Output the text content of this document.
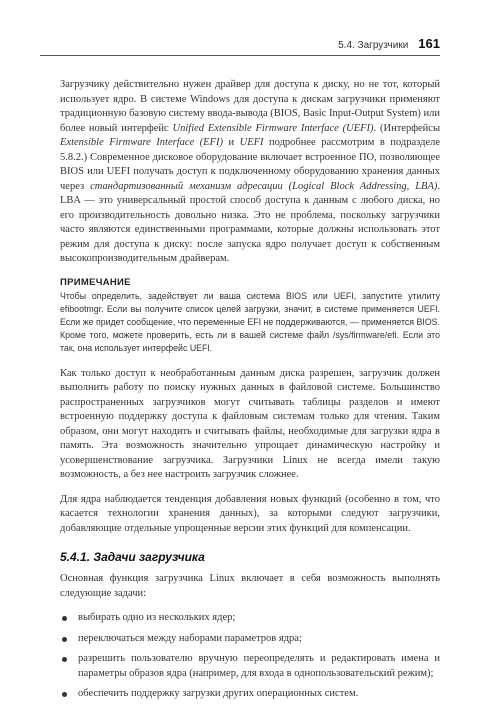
5.4. Загрузчики 161

Загрузчику действительно нужен драйвер для доступа к диску, но не тот, который использует ядро. В системе Windows для доступа к дискам загрузчики применяют традиционную базовую систему ввода-вывода (BIOS, Basic Input-Output System) или более новый интерфейс Unified Extensible Firmware Interface (UEFI). (Интерфейсы Extensible Firmware Interface (EFI) и UEFI подробнее рассмотрим в подразделе 5.8.2.) Современное дисковое оборудование включает встроенное ПО, позволяющее BIOS или UEFI получать доступ к подключенному оборудованию хранения данных через стандартизованный механизм адресации (Logical Block Addressing, LBA). LBA — это универсальный простой способ доступа к данным с любого диска, но его производительность довольно низка. Это не проблема, поскольку загрузчики часто являются единственными программами, которые должны использовать этот режим для доступа к диску: после запуска ядро получает доступ к собственным высокопроизводительным драйверам.

ПРИМЕЧАНИЕ
Чтобы определить, задействует ли ваша система BIOS или UEFI, запустите утилиту efibootmgr. Если вы получите список целей загрузки, значит, в системе применяется UEFI. Если же придет сообщение, что переменные EFI не поддерживаются, — применяется BIOS. Кроме того, можете проверить, есть ли в вашей системе файл /sys/firmware/efi. Если это так, она использует интерфейс UEFI.

Как только доступ к необработанным данным диска разрешен, загрузчик должен выполнить работу по поиску нужных данных в файловой системе. Большинство распространенных загрузчиков могут считывать таблицы разделов и имеют встроенную поддержку доступа к файловым системам только для чтения. Таким образом, они могут находить и считывать файлы, необходимые для загрузки ядра в память. Эта возможность значительно упрощает динамическую настройку и усовершенствование загрузчика. Загрузчики Linux не всегда имели такую возможность, а без нее настроить загрузчик сложнее.

Для ядра наблюдается тенденция добавления новых функций (особенно в том, что касается технологии хранения данных), за которыми следуют загрузчики, добавляющие отдельные упрощенные версии этих функций для компенсации.

5.4.1. Задачи загрузчика

Основная функция загрузчика Linux включает в себя возможность выполнять следующие задачи:

выбирать одно из нескольких ядер;
переключаться между наборами параметров ядра;
разрешить пользователю вручную переопределять и редактировать имена и параметры образов ядра (например, для входа в однопользовательский режим);
обеспечить поддержку загрузки других операционных систем.
